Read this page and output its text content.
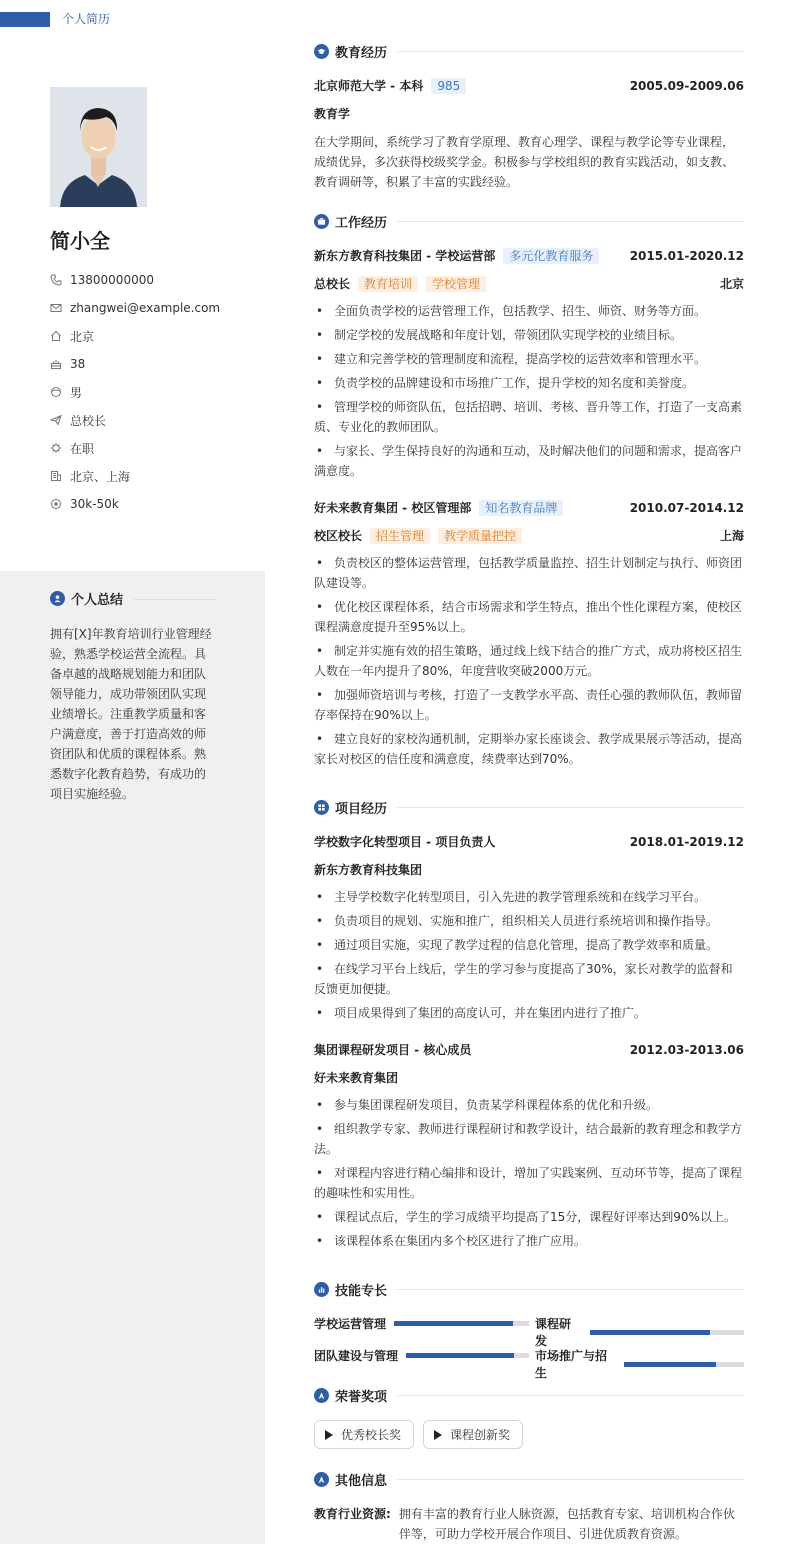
个人简历
简小全
13800000000
zhangwei@example.com
北京
38
男
总校长
在职
北京、上海
30k-50k
个人总结
拥有[X]年教育培训行业管理经验，熟悉学校运营全流程。具备卓越的战略规划能力和团队领导能力，成功带领团队实现业绩增长。注重教学质量和客户满意度，善于打造高效的师资团队和优质的课程体系。熟悉数字化教育趋势，有成功的项目实施经验。
教育经历
北京师范大学 - 本科	985	2005.09-2009.06
教育学
在大学期间，系统学习了教育学原理、教育心理学、课程与教学论等专业课程，成绩优异，多次获得校级奖学金。积极参与学校组织的教育实践活动，如支教、教育调研等，积累了丰富的实践经验。
工作经历
新东方教育科技集团 - 学校运营部	多元化教育服务	2015.01-2020.12
总校长	教育培训	学校管理	北京
• 全面负责学校的运营管理工作，包括教学、招生、师资、财务等方面。
• 制定学校的发展战略和年度计划，带领团队实现学校的业绩目标。
• 建立和完善学校的管理制度和流程，提高学校的运营效率和管理水平。
• 负责学校的品牌建设和市场推广工作，提升学校的知名度和美誉度。
• 管理学校的师资队伍，包括招聘、培训、考核、晋升等工作，打造了一支高素质、专业化的教师团队。
• 与家长、学生保持良好的沟通和互动，及时解决他们的问题和需求，提高客户满意度。
好未来教育集团 - 校区管理部	知名教育品牌	2010.07-2014.12
校区校长	招生管理	教学质量把控	上海
• 负责校区的整体运营管理，包括教学质量监控、招生计划制定与执行、师资团队建设等。
• 优化校区课程体系，结合市场需求和学生特点，推出个性化课程方案，使校区课程满意度提升至95%以上。
• 制定并实施有效的招生策略，通过线上线下结合的推广方式，成功将校区招生人数在一年内提升了80%，年度营收突破2000万元。
• 加强师资培训与考核，打造了一支教学水平高、责任心强的教师队伍，教师留存率保持在90%以上。
• 建立良好的家校沟通机制，定期举办家长座谈会、教学成果展示等活动，提高家长对校区的信任度和满意度，续费率达到70%。
项目经历
学校数字化转型项目 - 项目负责人	2018.01-2019.12
新东方教育科技集团
• 主导学校数字化转型项目，引入先进的教学管理系统和在线学习平台。
• 负责项目的规划、实施和推广，组织相关人员进行系统培训和操作指导。
• 通过项目实施，实现了教学过程的信息化管理，提高了教学效率和质量。
• 在线学习平台上线后，学生的学习参与度提高了30%，家长对教学的监督和反馈更加便捷。
• 项目成果得到了集团的高度认可，并在集团内进行了推广。
集团课程研发项目 - 核心成员	2012.03-2013.06
好未来教育集团
• 参与集团课程研发项目，负责某学科课程体系的优化和升级。
• 组织教学专家、教师进行课程研讨和教学设计，结合最新的教育理念和教学方法。
• 对课程内容进行精心编排和设计，增加了实践案例、互动环节等，提高了课程的趣味性和实用性。
• 课程试点后，学生的学习成绩平均提高了15分，课程好评率达到90%以上。
• 该课程体系在集团内多个校区进行了推广应用。
技能专长
学校运营管理	课程研发
团队建设与管理	市场推广与招生
荣誉奖项
优秀校长奖	课程创新奖
其他信息
教育行业资源: 拥有丰富的教育行业人脉资源，包括教育专家、培训机构合作伙伴等，可助力学校开展合作项目、引进优质教育资源。
